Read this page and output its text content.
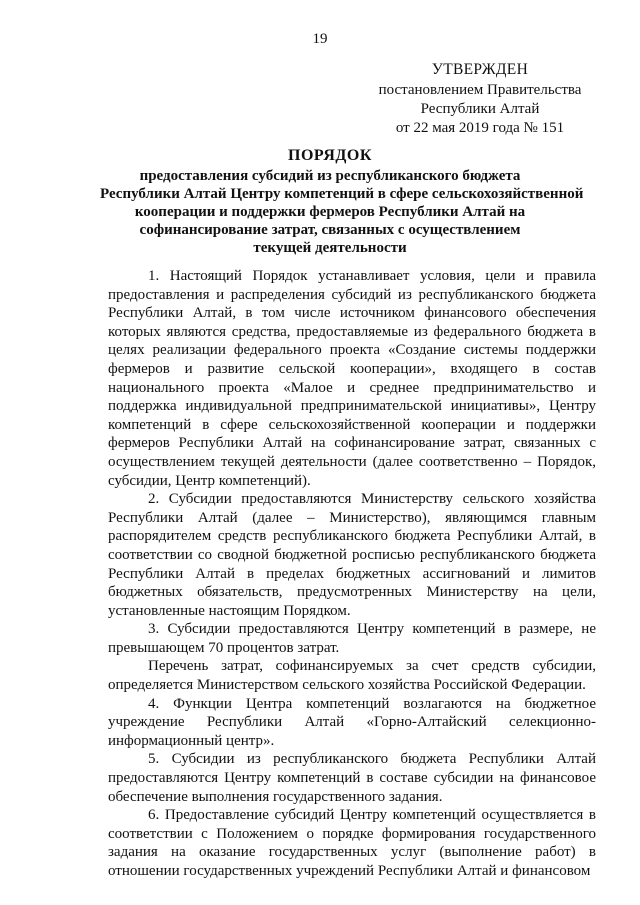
19
УТВЕРЖДЕН
постановлением Правительства
Республики Алтай
от 22 мая 2019 года № 151
ПОРЯДОК
предоставления субсидий из республиканского бюджета
Республики Алтай Центру компетенций в сфере сельскохозяйственной
кооперации и поддержки фермеров Республики Алтай на
софинансирование затрат, связанных с осуществлением
текущей деятельности

1. Настоящий Порядок устанавливает условия, цели и правила предоставления и распределения субсидий из республиканского бюджета Республики Алтай, в том числе источником финансового обеспечения которых являются средства, предоставляемые из федерального бюджета в целях реализации федерального проекта «Создание системы поддержки фермеров и развитие сельской кооперации», входящего в состав национального проекта «Малое и среднее предпринимательство и поддержка индивидуальной предпринимательской инициативы», Центру компетенций в сфере сельскохозяйственной кооперации и поддержки фермеров Республики Алтай на софинансирование затрат, связанных с осуществлением текущей деятельности (далее соответственно – Порядок, субсидии, Центр компетенций).

2. Субсидии предоставляются Министерству сельского хозяйства Республики Алтай (далее – Министерство), являющимся главным распорядителем средств республиканского бюджета Республики Алтай, в соответствии со сводной бюджетной росписью республиканского бюджета Республики Алтай в пределах бюджетных ассигнований и лимитов бюджетных обязательств, предусмотренных Министерству на цели, установленные настоящим Порядком.

3. Субсидии предоставляются Центру компетенций в размере, не превышающем 70 процентов затрат.

Перечень затрат, софинансируемых за счет средств субсидии, определяется Министерством сельского хозяйства Российской Федерации.

4. Функции Центра компетенций возлагаются на бюджетное учреждение Республики Алтай «Горно-Алтайский селекционно-информационный центр».

5. Субсидии из республиканского бюджета Республики Алтай предоставляются Центру компетенций в составе субсидии на финансовое обеспечение выполнения государственного задания.

6. Предоставление субсидий Центру компетенций осуществляется в соответствии с Положением о порядке формирования государственного задания на оказание государственных услуг (выполнение работ) в отношении государственных учреждений Республики Алтай и финансовом
